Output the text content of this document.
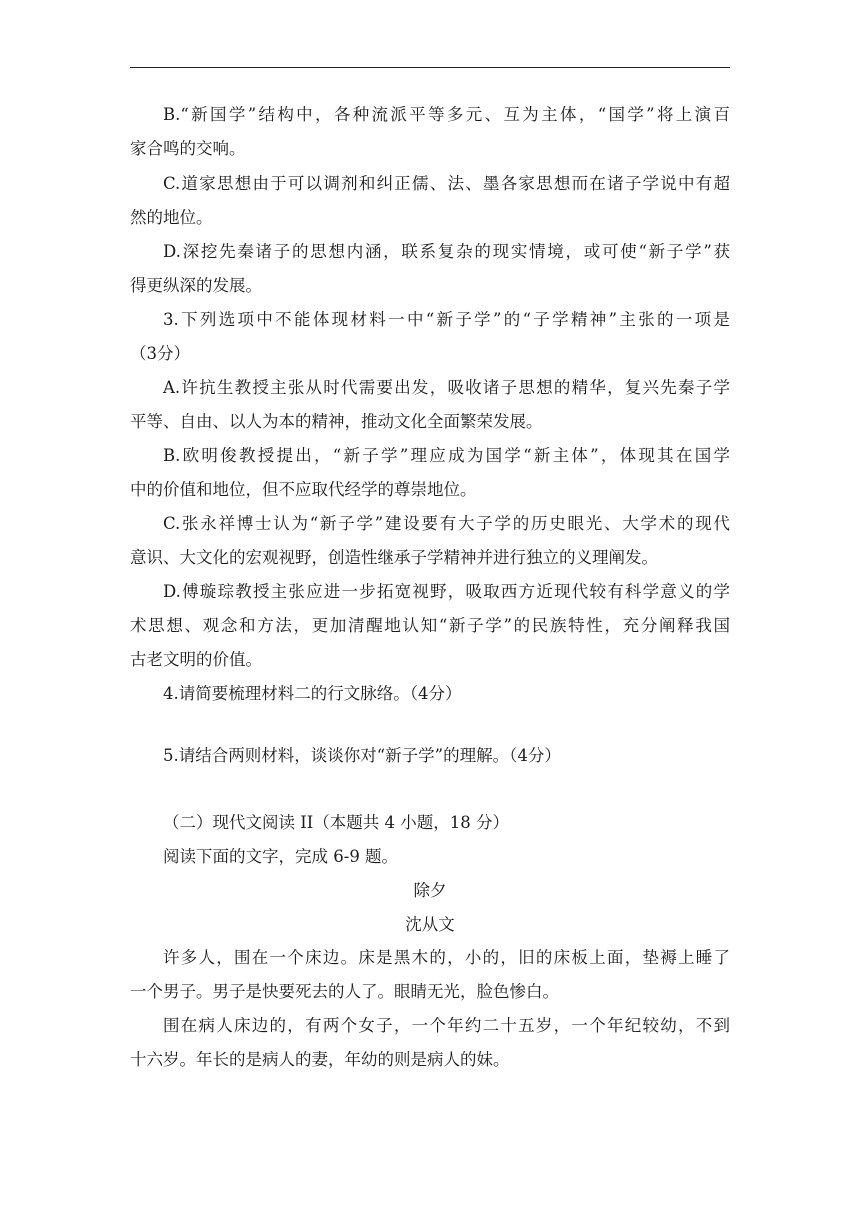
B.“新国学”结构中，各种流派平等多元、互为主体，“国学”将上演百
家合鸣的交响。
C.道家思想由于可以调剂和纠正儒、法、墨各家思想而在诸子学说中有超
然的地位。
D.深挖先秦诸子的思想内涵，联系复杂的现实情境，或可使“新子学”获
得更纵深的发展。
3.下列选项中不能体现材料一中“新子学”的“子学精神”主张的一项是
（3分）
A.许抗生教授主张从时代需要出发，吸收诸子思想的精华，复兴先秦子学
平等、自由、以人为本的精神，推动文化全面繁荣发展。
B.欧明俊教授提出，“新子学”理应成为国学“新主体”，体现其在国学
中的价值和地位，但不应取代经学的尊崇地位。
C.张永祥博士认为“新子学”建设要有大子学的历史眼光、大学术的现代
意识、大文化的宏观视野，创造性继承子学精神并进行独立的义理阐发。
D.傅璇琮教授主张应进一步拓宽视野，吸取西方近现代较有科学意义的学
术思想、观念和方法，更加清醒地认知“新子学”的民族特性，充分阐释我国
古老文明的价值。
4.请简要梳理材料二的行文脉络。（4分）
5.请结合两则材料，谈谈你对“新子学”的理解。（4分）
（二）现代文阅读 II（本题共 4 小题，18 分）
阅读下面的文字，完成 6-9 题。
除夕
沈从文
许多人，围在一个床边。床是黑木的，小的，旧的床板上面，垫褥上睡了
一个男子。男子是快要死去的人了。眼睛无光，脸色惨白。
围在病人床边的，有两个女子，一个年约二十五岁，一个年纪较幼，不到
十六岁。年长的是病人的妻，年幼的则是病人的妹。
